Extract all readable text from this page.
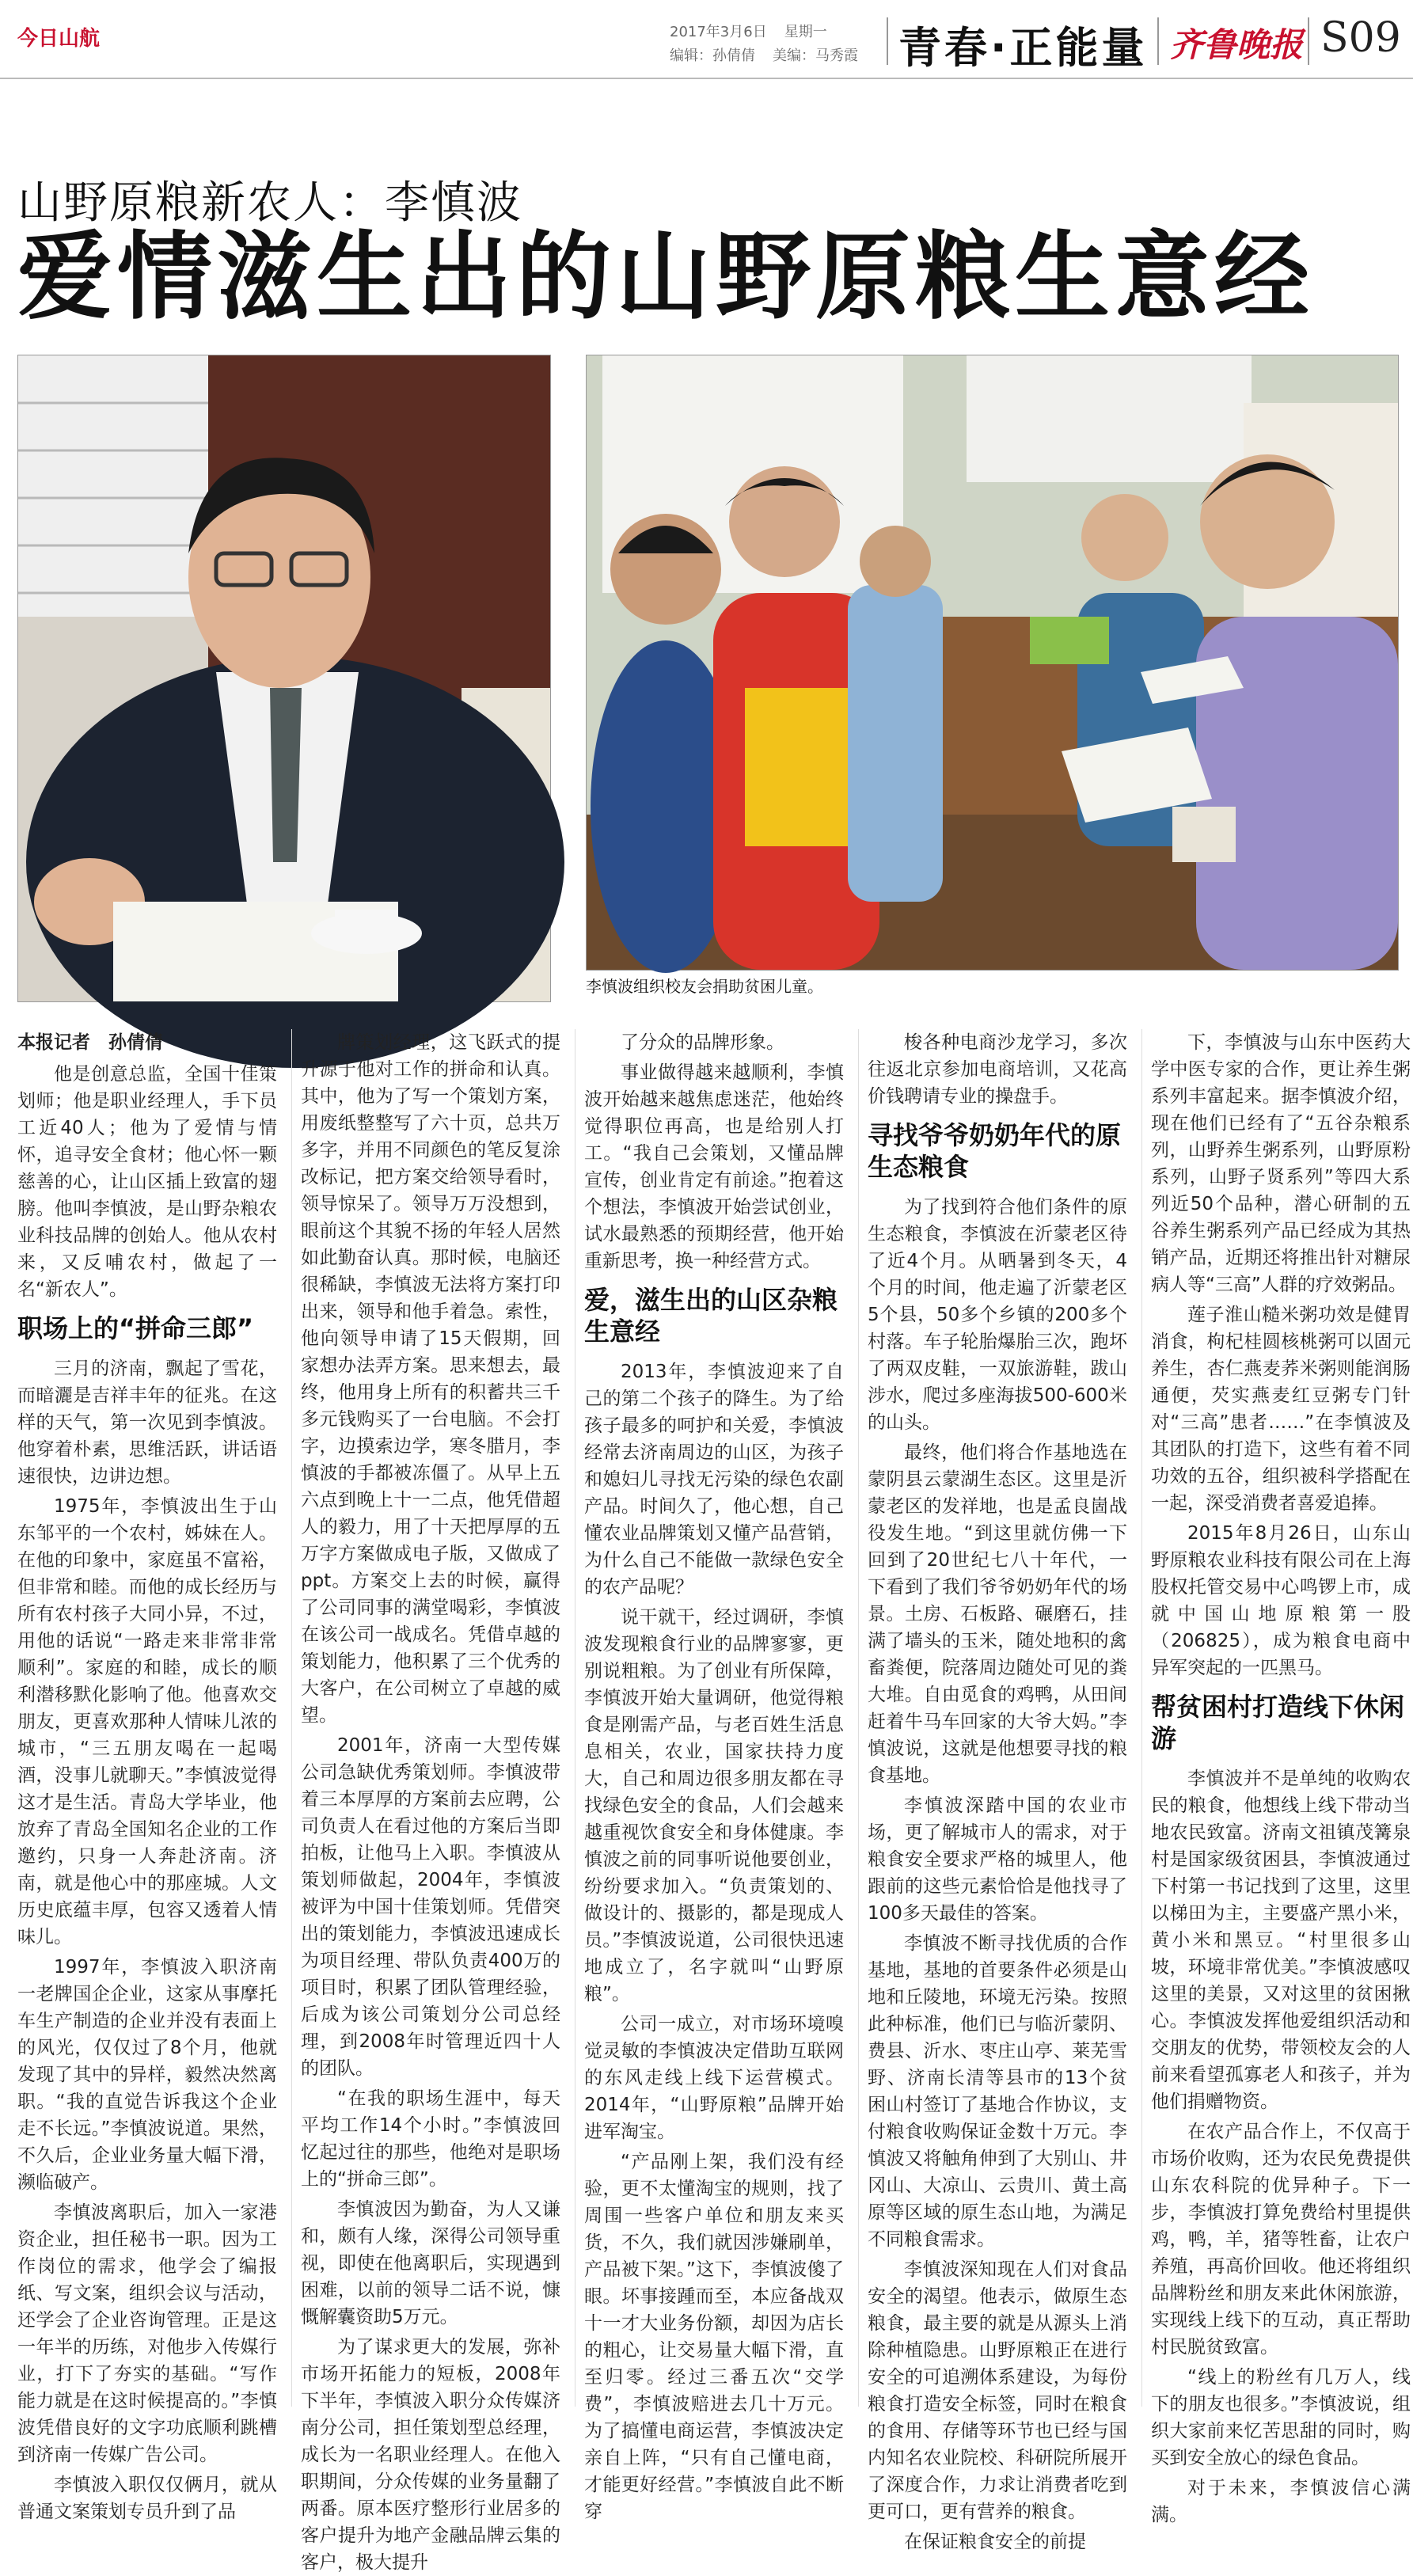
今日山航	2017年3月6日 星期一
编辑：孙倩倩 美编：马秀霞 青春·正能量 齐鲁晚报 S09
山野原粮新农人：李慎波
爱情滋生出的山野原粮生意经
李慎波组织校友会捐助贫困儿童。

本报记者　孙倩倩

他是创意总监，全国十佳策划师；他是职业经理人，手下员工近40人；他为了爱情与情怀，追寻安全食材；他心怀一颗慈善的心，让山区插上致富的翅膀。他叫李慎波，是山野杂粮农业科技品牌的创始人。他从农村来，又反哺农村，做起了一名“新农人”。

职场上的“拼命三郎”

三月的济南，飘起了雪花，而暗灑是吉祥丰年的征兆。在这样的天气，第一次见到李慎波。他穿着朴素，思维活跃，讲话语速很快，边讲边想。

1975年，李慎波出生于山东邹平的一个农村，姊妹在人。在他的印象中，家庭虽不富裕，但非常和睦。而他的成长经历与所有农村孩子大同小异，不过，用他的话说“一路走来非常非常顺利”。家庭的和睦，成长的顺利潜移默化影响了他。他喜欢交朋友，更喜欢那种人情味儿浓的城市，“三五朋友喝在一起喝酒，没事儿就聊天。”李慎波觉得这才是生活。青岛大学毕业，他放弃了青岛全国知名企业的工作邀约，只身一人奔赴济南。济南，就是他心中的那座城。人文历史底蕴丰厚，包容又透着人情味儿。

1997年，李慎波入职济南一老牌国企企业，这家从事摩托车生产制造的企业并没有表面上的风光，仅仅过了8个月，他就发现了其中的异样，毅然决然离职。“我的直觉告诉我这个企业走不长远。”李慎波说道。果然，不久后，企业业务量大幅下滑，濒临破产。

李慎波离职后，加入一家港资企业，担任秘书一职。因为工作岗位的需求，他学会了编报纸、写文案，组织会议与活动，还学会了企业咨询管理。正是这一年半的历练，对他步入传媒行业，打下了夯实的基础。“写作能力就是在这时候提高的。”李慎波凭借良好的文字功底顺利跳槽到济南一传媒广告公司。

李慎波入职仅仅俩月，就从普通文案策划专员升到了品

牌策划经理，这飞跃式的提升源于他对工作的拼命和认真。其中，他为了写一个策划方案，用废纸整整写了六十页，总共万多字，并用不同颜色的笔反复涂改标记，把方案交给领导看时，领导惊呆了。领导万万没想到，眼前这个其貌不扬的年轻人居然如此勤奋认真。那时候，电脑还很稀缺，李慎波无法将方案打印出来，领导和他手着急。索性，他向领导申请了15天假期，回家想办法弄方案。思来想去，最终，他用身上所有的积蓄共三千多元钱购买了一台电脑。不会打字，边摸索边学，寒冬腊月，李慎波的手都被冻僵了。从早上五六点到晚上十一二点，他凭借超人的毅力，用了十天把厚厚的五万字方案做成电子版，又做成了ppt。方案交上去的时候，赢得了公司同事的满堂喝彩，李慎波在该公司一战成名。凭借卓越的策划能力，他积累了三个优秀的大客户，在公司树立了卓越的威望。

2001年，济南一大型传媒公司急缺优秀策划师。李慎波带着三本厚厚的方案前去应聘，公司负责人在看过他的方案后当即拍板，让他马上入职。李慎波从策划师做起，2004年，李慎波被评为中国十佳策划师。凭借突出的策划能力，李慎波迅速成长为项目经理、带队负责400万的项目时，积累了团队管理经验，后成为该公司策划分公司总经理，到2008年时管理近四十人的团队。

“在我的职场生涯中，每天平均工作14个小时。”李慎波回忆起过往的那些，他绝对是职场上的“拼命三郎”。

李慎波因为勤奋，为人又谦和，颇有人缘，深得公司领导重视，即使在他离职后，实现遇到困难，以前的领导二话不说，慷慨解囊资助5万元。

为了谋求更大的发展，弥补市场开拓能力的短板，2008年下半年，李慎波入职分众传媒济南分公司，担任策划型总经理，成长为一名职业经理人。在他入职期间，分众传媒的业务量翻了两番。原本医疗整形行业居多的客户提升为地产金融品牌云集的客户，极大提升

了分众的品牌形象。

事业做得越来越顺利，李慎波开始越来越焦虑迷茫，他始终觉得职位再高，也是给别人打工。“我自己会策划，又懂品牌宣传，创业肯定有前途。”抱着这个想法，李慎波开始尝试创业，试水最熟悉的预期经营，他开始重新思考，换一种经营方式。

爱，滋生出的山区杂粮生意经

2013年，李慎波迎来了自己的第二个孩子的降生。为了给孩子最多的呵护和关爱，李慎波经常去济南周边的山区，为孩子和媳妇儿寻找无污染的绿色农副产品。时间久了，他心想，自己懂农业品牌策划又懂产品营销，为什么自己不能做一款绿色安全的农产品呢？

说干就干，经过调研，李慎波发现粮食行业的品牌寥寥，更别说粗粮。为了创业有所保障，李慎波开始大量调研，他觉得粮食是刚需产品，与老百姓生活息息相关，农业，国家扶持力度大，自己和周边很多朋友都在寻找绿色安全的食品，人们会越来越重视饮食安全和身体健康。李慎波之前的同事听说他要创业，纷纷要求加入。“负责策划的、做设计的、摄影的，都是现成人员。”李慎波说道，公司很快迅速地成立了，名字就叫“山野原粮”。

公司一成立，对市场环境嗅觉灵敏的李慎波决定借助互联网的东风走线上线下运营模式。2014年，“山野原粮”品牌开始进军淘宝。

“产品刚上架，我们没有经验，更不太懂淘宝的规则，找了周围一些客户单位和朋友来买货，不久，我们就因涉嫌刷单，产品被下架。”这下，李慎波傻了眼。坏事接踵而至，本应备战双十一才大业务份额，却因为店长的粗心，让交易量大幅下滑，直至归零。经过三番五次“交学费”，李慎波赔进去几十万元。为了搞懂电商运营，李慎波决定亲自上阵，“只有自己懂电商，才能更好经营。”李慎波自此不断穿

梭各种电商沙龙学习，多次往返北京参加电商培训，又花高价钱聘请专业的操盘手。

寻找爷爷奶奶年代的原生态粮食

为了找到符合他们条件的原生态粮食，李慎波在沂蒙老区待了近4个月。从晒暑到冬天，4个月的时间，他走遍了沂蒙老区5个县，50多个乡镇的200多个村落。车子轮胎爆胎三次，跑坏了两双皮鞋，一双旅游鞋，跋山涉水，爬过多座海拔500-600米的山头。

最终，他们将合作基地选在蒙阴县云蒙湖生态区。这里是沂蒙老区的发祥地，也是孟良崮战役发生地。“到这里就仿佛一下回到了20世纪七八十年代，一下看到了我们爷爷奶奶年代的场景。土房、石板路、碾磨石，挂满了墙头的玉米，随处地积的禽畜粪便，院落周边随处可见的粪大堆。自由觅食的鸡鸭，从田间赶着牛马车回家的大爷大妈。”李慎波说，这就是他想要寻找的粮食基地。

李慎波深踏中国的农业市场，更了解城市人的需求，对于粮食安全要求严格的城里人，他跟前的这些元素恰恰是他找寻了100多天最佳的答案。

李慎波不断寻找优质的合作基地，基地的首要条件必须是山地和丘陵地，环境无污染。按照此种标准，他们已与临沂蒙阴、费县、沂水、枣庄山亭、莱芜雪野、济南长清等县市的13个贫困山村签订了基地合作协议，支付粮食收购保证金数十万元。李慎波又将触角伸到了大别山、井冈山、大凉山、云贵川、黄土高原等区域的原生态山地，为满足不同粮食需求。

李慎波深知现在人们对食品安全的渴望。他表示，做原生态粮食，最主要的就是从源头上消除种植隐患。山野原粮正在进行安全的可追溯体系建设，为每份粮食打造安全标签，同时在粮食的食用、存储等环节也已经与国内知名农业院校、科研院所展开了深度合作，力求让消费者吃到更可口，更有营养的粮食。

在保证粮食安全的前提

下，李慎波与山东中医药大学中医专家的合作，更让养生粥系列丰富起来。据李慎波介绍，现在他们已经有了“五谷杂粮系列，山野养生粥系列，山野原粉系列，山野子贤系列”等四大系列近50个品种，潜心研制的五谷养生粥系列产品已经成为其热销产品，近期还将推出针对糖尿病人等“三高”人群的疗效粥品。

莲子淮山糙米粥功效是健胃消食，枸杞桂圆核桃粥可以固元养生，杏仁燕麦荞米粥则能润肠通便，芡实燕麦红豆粥专门针对“三高”患者……”在李慎波及其团队的打造下，这些有着不同功效的五谷，组织被科学搭配在一起，深受消费者喜爱追捧。

2015年8月26日，山东山野原粮农业科技有限公司在上海股权托管交易中心鸣锣上市，成就中国山地原粮第一股（206825），成为粮食电商中异军突起的一匹黑马。

帮贫困村打造线下休闲游

李慎波并不是单纯的收购农民的粮食，他想线上线下带动当地农民致富。济南文祖镇茂篝泉村是国家级贫困县，李慎波通过下村第一书记找到了这里，这里以梯田为主，主要盛产黑小米，黄小米和黑豆。“村里很多山坡，环境非常优美。”李慎波感叹这里的美景，又对这里的贫困揪心。李慎波发挥他爱组织活动和交朋友的优势，带领校友会的人前来看望孤寡老人和孩子，并为他们捐赠物资。

在农产品合作上，不仅高于市场价收购，还为农民免费提供山东农科院的优异种子。下一步，李慎波打算免费给村里提供鸡，鸭，羊，猪等牲畜，让农户养殖，再高价回收。他还将组织品牌粉丝和朋友来此休闲旅游，实现线上线下的互动，真正帮助村民脱贫致富。

“线上的粉丝有几万人，线下的朋友也很多。”李慎波说，组织大家前来忆苦思甜的同时，购买到安全放心的绿色食品。

对于未来，李慎波信心满满。
